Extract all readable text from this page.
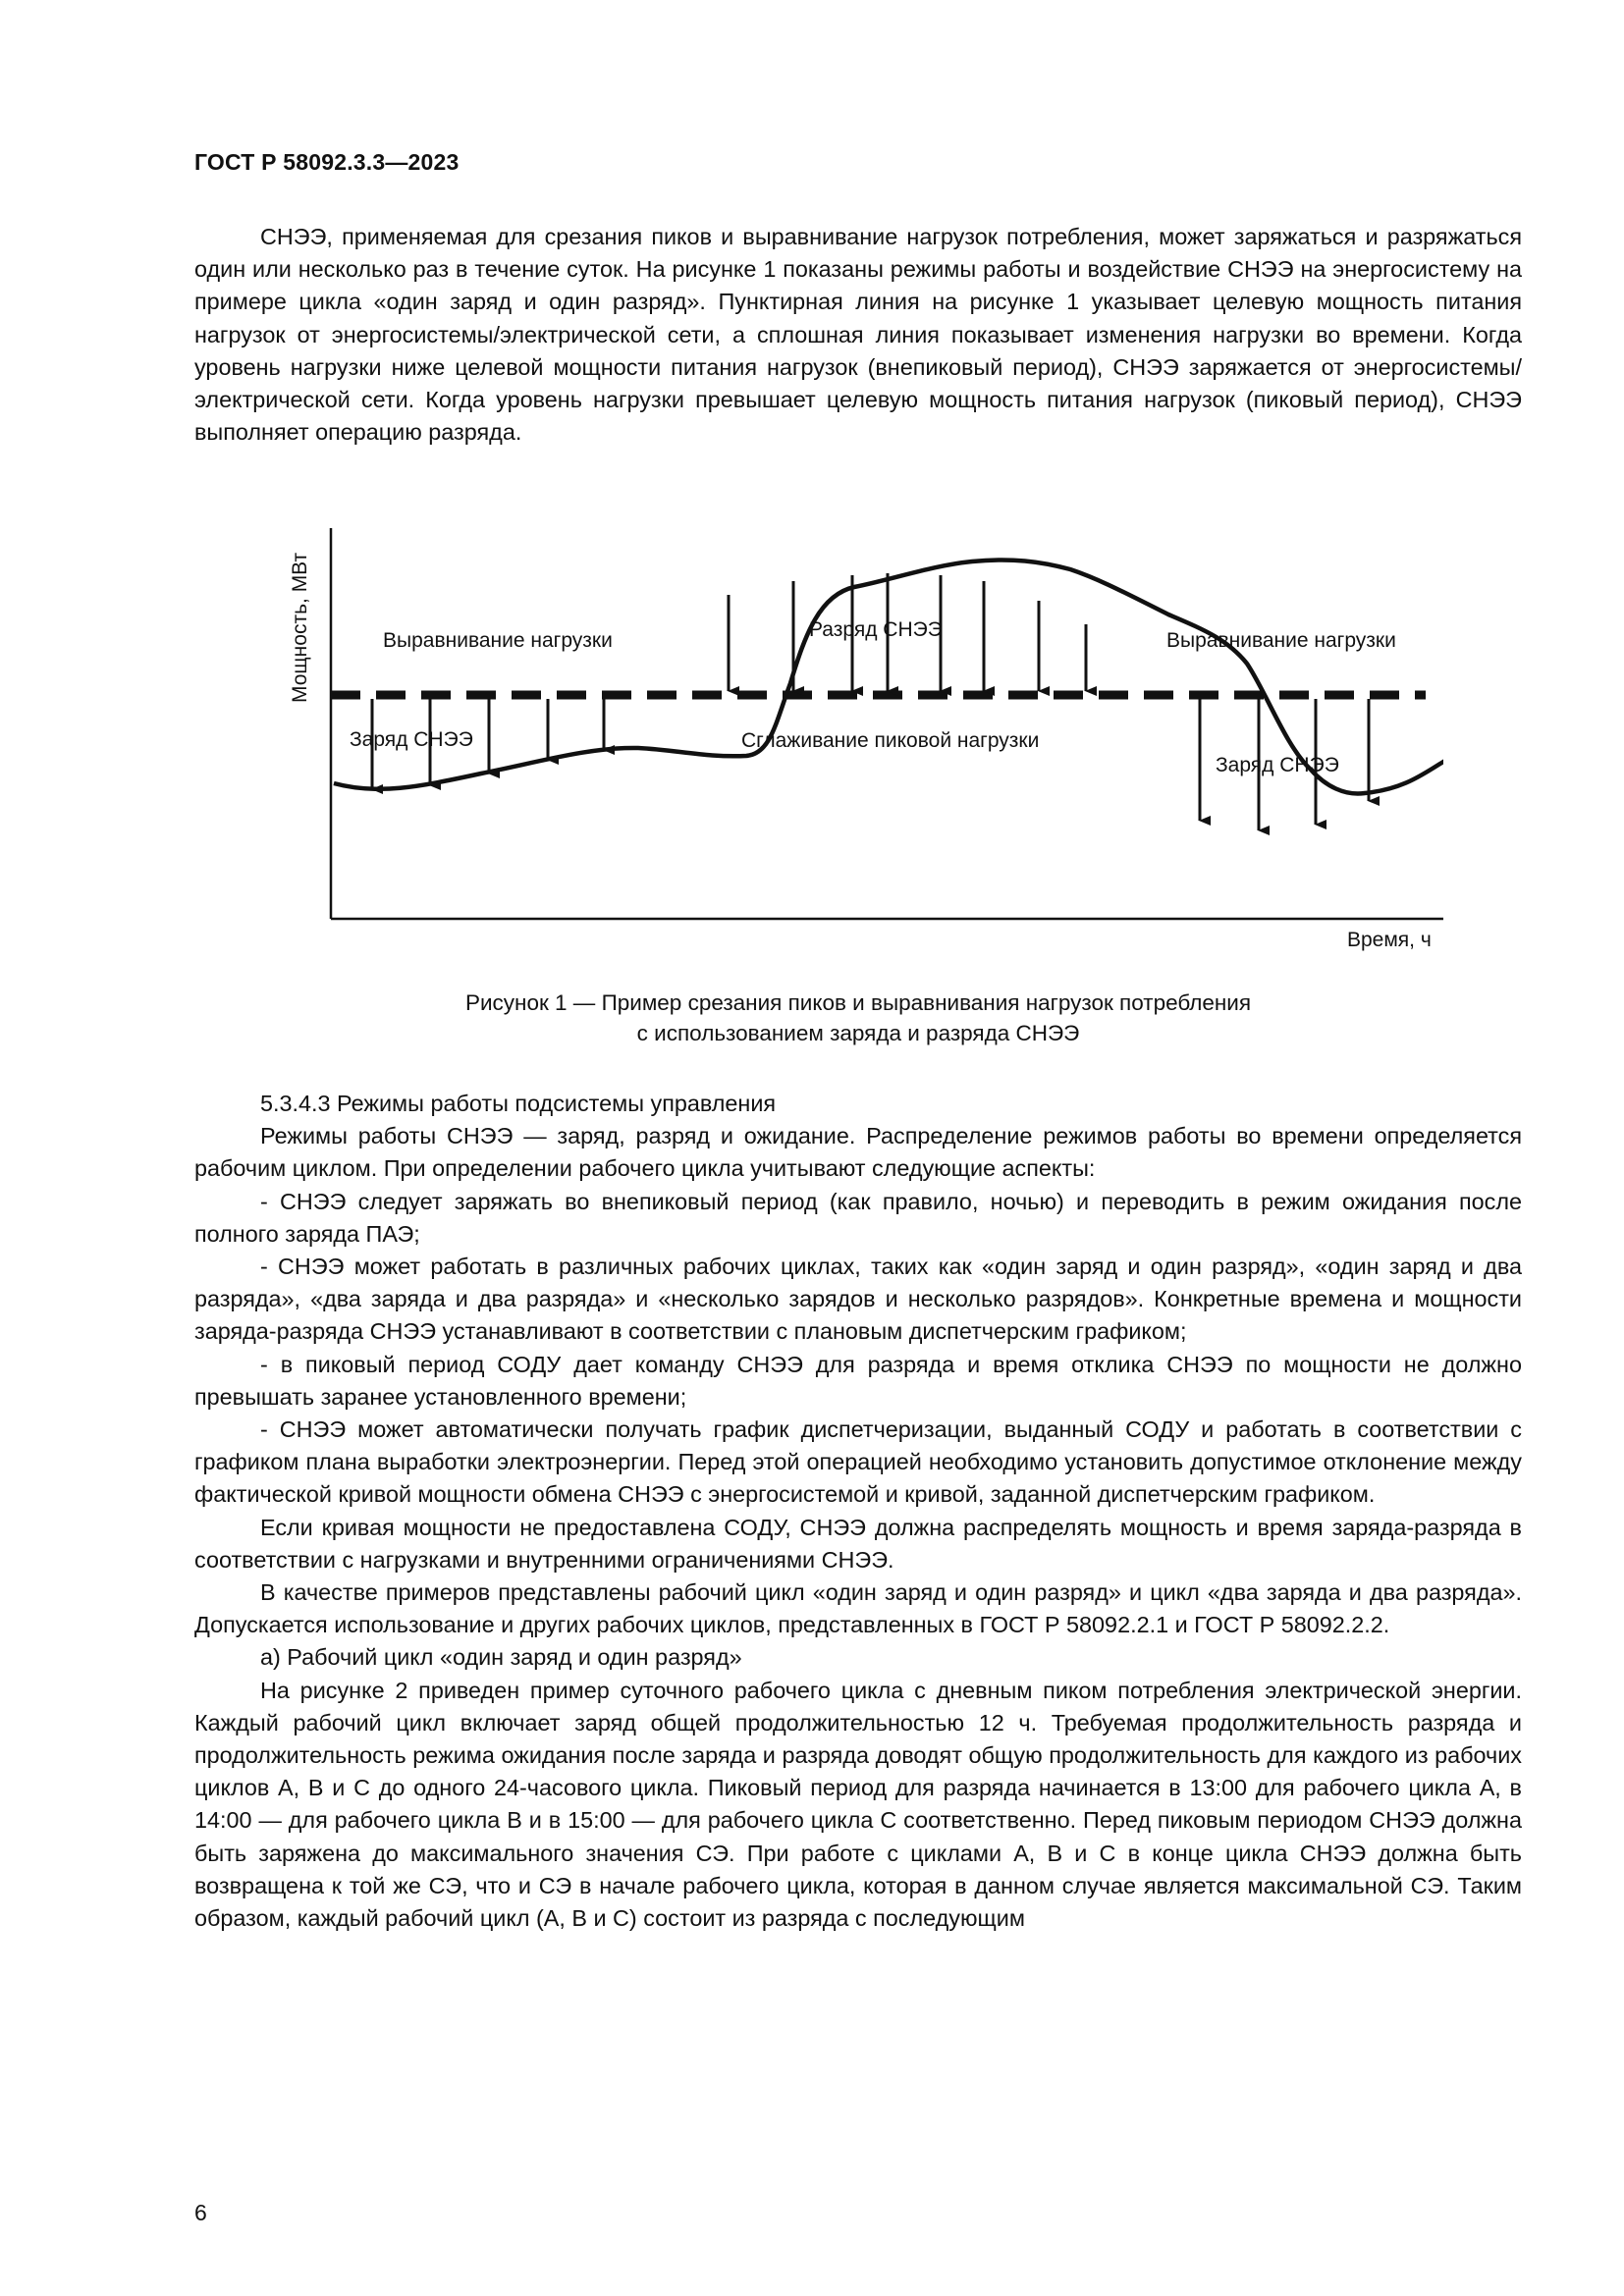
ГОСТ Р 58092.3.3—2023

СНЭЭ, применяемая для срезания пиков и выравнивание нагрузок потребления, может заряжаться и разряжаться один или несколько раз в течение суток. На рисунке 1 показаны режимы работы и воздействие СНЭЭ на энергосистему на примере цикла «один заряд и один разряд». Пунктирная линия на рисунке 1 указывает целевую мощность питания нагрузок от энергосистемы/электрической сети, а сплошная линия показывает изменения нагрузки во времени. Когда уровень нагрузки ниже целевой мощности питания нагрузок (внепиковый период), СНЭЭ заряжается от энергосистемы/электрической сети. Когда уровень нагрузки превышает целевую мощность питания нагрузок (пиковый период), СНЭЭ выполняет операцию разряда.

Мощность, МВт	Выравнивание нагрузки	Разряд СНЭЭ	Выравнивание нагрузки
Заряд СНЭЭ	Сглаживание пиковой нагрузки
Заряд СНЭЭ
Время, ч
Рисунок 1 — Пример срезания пиков и выравнивания нагрузок потребления
с использованием заряда и разряда СНЭЭ

5.3.4.3 Режимы работы подсистемы управления

Режимы работы СНЭЭ — заряд, разряд и ожидание. Распределение режимов работы во времени определяется рабочим циклом. При определении рабочего цикла учитывают следующие аспекты:

- СНЭЭ следует заряжать во внепиковый период (как правило, ночью) и переводить в режим ожидания после полного заряда ПАЭ;

- СНЭЭ может работать в различных рабочих циклах, таких как «один заряд и один разряд», «один заряд и два разряда», «два заряда и два разряда» и «несколько зарядов и несколько разрядов». Конкретные времена и мощности заряда-разряда СНЭЭ устанавливают в соответствии с плановым диспетчерским графиком;

- в пиковый период СОДУ дает команду СНЭЭ для разряда и время отклика СНЭЭ по мощности не должно превышать заранее установленного времени;

- СНЭЭ может автоматически получать график диспетчеризации, выданный СОДУ и работать в соответствии с графиком плана выработки электроэнергии. Перед этой операцией необходимо установить допустимое отклонение между фактической кривой мощности обмена СНЭЭ с энергосистемой и кривой, заданной диспетчерским графиком.

Если кривая мощности не предоставлена СОДУ, СНЭЭ должна распределять мощность и время заряда-разряда в соответствии с нагрузками и внутренними ограничениями СНЭЭ.

В качестве примеров представлены рабочий цикл «один заряд и один разряд» и цикл «два заряда и два разряда». Допускается использование и других рабочих циклов, представленных в ГОСТ Р 58092.2.1 и ГОСТ Р 58092.2.2.

а) Рабочий цикл «один заряд и один разряд»

На рисунке 2 приведен пример суточного рабочего цикла с дневным пиком потребления электрической энергии. Каждый рабочий цикл включает заряд общей продолжительностью 12 ч. Требуемая продолжительность разряда и продолжительность режима ожидания после заряда и разряда доводят общую продолжительность для каждого из рабочих циклов А, В и С до одного 24-часового цикла. Пиковый период для разряда начинается в 13:00 для рабочего цикла А, в 14:00 — для рабочего цикла В и в 15:00 — для рабочего цикла С соответственно. Перед пиковым периодом СНЭЭ должна быть заряжена до максимального значения СЭ. При работе с циклами А, В и С в конце цикла СНЭЭ должна быть возвращена к той же СЭ, что и СЭ в начале рабочего цикла, которая в данном случае является максимальной СЭ. Таким образом, каждый рабочий цикл (А, В и С) состоит из разряда с последующим

6
